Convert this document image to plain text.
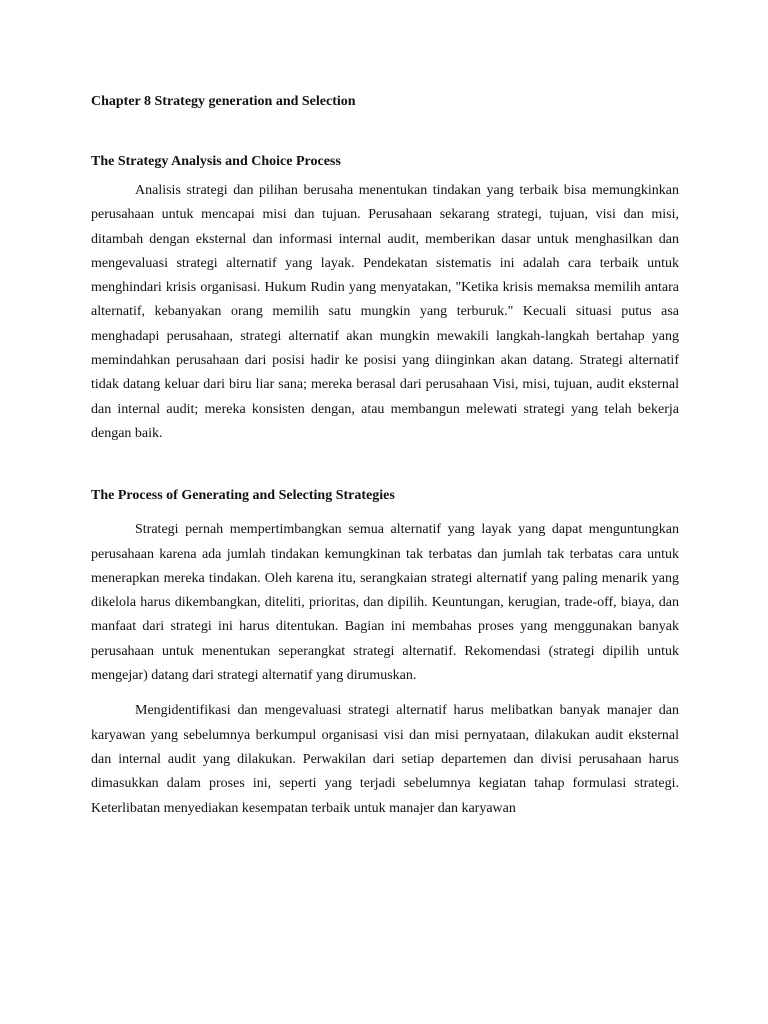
Chapter 8 Strategy generation and Selection
The Strategy Analysis and Choice Process

Analisis strategi dan pilihan berusaha menentukan tindakan yang terbaik bisa memungkinkan perusahaan untuk mencapai misi dan tujuan. Perusahaan sekarang strategi, tujuan, visi dan misi, ditambah dengan eksternal dan informasi internal audit, memberikan dasar untuk menghasilkan dan mengevaluasi strategi alternatif yang layak. Pendekatan sistematis ini adalah cara terbaik untuk menghindari krisis organisasi. Hukum Rudin yang menyatakan, "Ketika krisis memaksa memilih antara alternatif, kebanyakan orang memilih satu mungkin yang terburuk." Kecuali situasi putus asa menghadapi perusahaan, strategi alternatif akan mungkin mewakili langkah-langkah bertahap yang memindahkan perusahaan dari posisi hadir ke posisi yang diinginkan akan datang. Strategi alternatif tidak datang keluar dari biru liar sana; mereka berasal dari perusahaan Visi, misi, tujuan, audit eksternal dan internal audit; mereka konsisten dengan, atau membangun melewati strategi yang telah bekerja dengan baik.

The Process of Generating and Selecting Strategies

Strategi pernah mempertimbangkan semua alternatif yang layak yang dapat menguntungkan perusahaan karena ada jumlah tindakan kemungkinan tak terbatas dan jumlah tak terbatas cara untuk menerapkan mereka tindakan. Oleh karena itu, serangkaian strategi alternatif yang paling menarik yang dikelola harus dikembangkan, diteliti, prioritas, dan dipilih. Keuntungan, kerugian, trade-off, biaya, dan manfaat dari strategi ini harus ditentukan. Bagian ini membahas proses yang menggunakan banyak perusahaan untuk menentukan seperangkat strategi alternatif. Rekomendasi (strategi dipilih untuk mengejar) datang dari strategi alternatif yang dirumuskan.

Mengidentifikasi dan mengevaluasi strategi alternatif harus melibatkan banyak manajer dan karyawan yang sebelumnya berkumpul organisasi visi dan misi pernyataan, dilakukan audit eksternal dan internal audit yang dilakukan. Perwakilan dari setiap departemen dan divisi perusahaan harus dimasukkan dalam proses ini, seperti yang terjadi sebelumnya kegiatan tahap formulasi strategi. Keterlibatan menyediakan kesempatan terbaik untuk manajer dan karyawan
